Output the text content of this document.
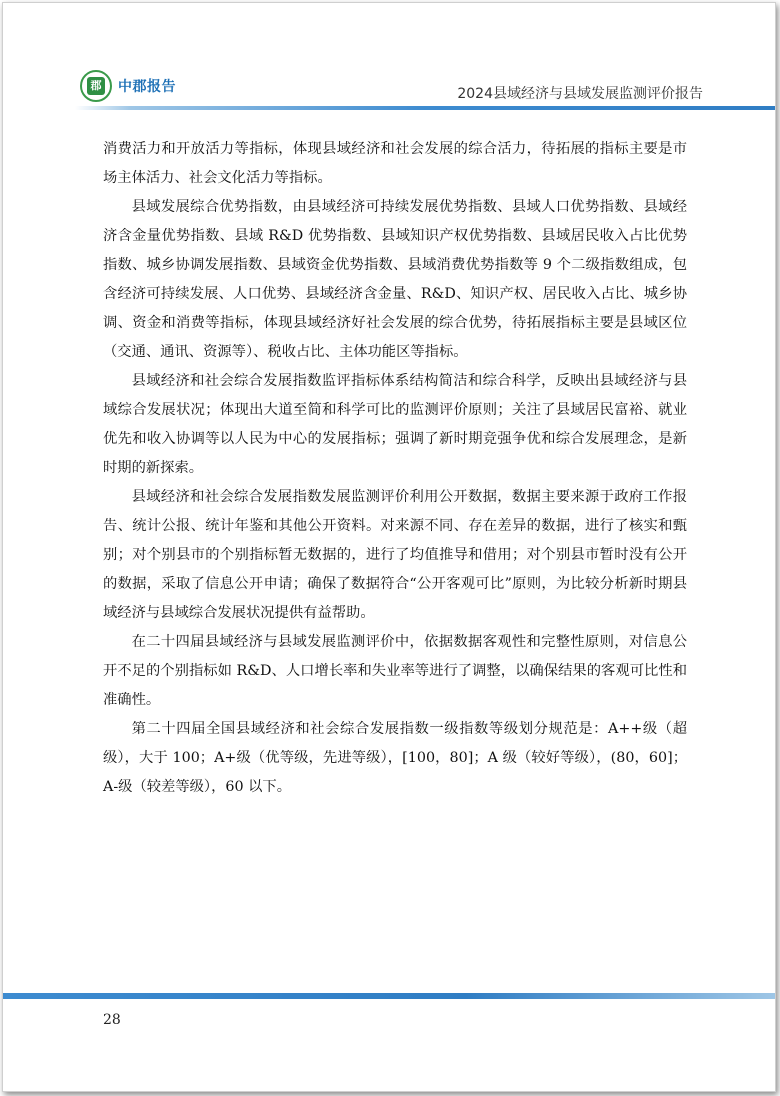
郡 中郡报告	2024县域经济与县域发展监测评价报告

消费活力和开放活力等指标，体现县域经济和社会发展的综合活力，待拓展的指标主要是市场主体活力、社会文化活力等指标。

县域发展综合优势指数，由县域经济可持续发展优势指数、县域人口优势指数、县域经济含金量优势指数、县域 R&D 优势指数、县域知识产权优势指数、县域居民收入占比优势指数、城乡协调发展指数、县域资金优势指数、县域消费优势指数等 9 个二级指数组成，包含经济可持续发展、人口优势、县域经济含金量、R&D、知识产权、居民收入占比、城乡协调、资金和消费等指标，体现县域经济好社会发展的综合优势，待拓展指标主要是县域区位（交通、通讯、资源等）、税收占比、主体功能区等指标。

县域经济和社会综合发展指数监评指标体系结构简洁和综合科学，反映出县域经济与县域综合发展状况；体现出大道至简和科学可比的监测评价原则；关注了县域居民富裕、就业优先和收入协调等以人民为中心的发展指标；强调了新时期竞强争优和综合发展理念，是新时期的新探索。

县域经济和社会综合发展指数发展监测评价利用公开数据，数据主要来源于政府工作报告、统计公报、统计年鉴和其他公开资料。对来源不同、存在差异的数据，进行了核实和甄别；对个别县市的个别指标暂无数据的，进行了均值推导和借用；对个别县市暂时没有公开的数据，采取了信息公开申请；确保了数据符合“公开客观可比”原则，为比较分析新时期县域经济与县域综合发展状况提供有益帮助。

在二十四届县域经济与县域发展监测评价中，依据数据客观性和完整性原则，对信息公开不足的个别指标如 R&D、人口增长率和失业率等进行了调整，以确保结果的客观可比性和准确性。

第二十四届全国县域经济和社会综合发展指数一级指数等级划分规范是：A++级（超级），大于 100；A+级（优等级，先进等级），[100，80]；A 级（较好等级），(80，60]；A-级（较差等级），60 以下。

28
